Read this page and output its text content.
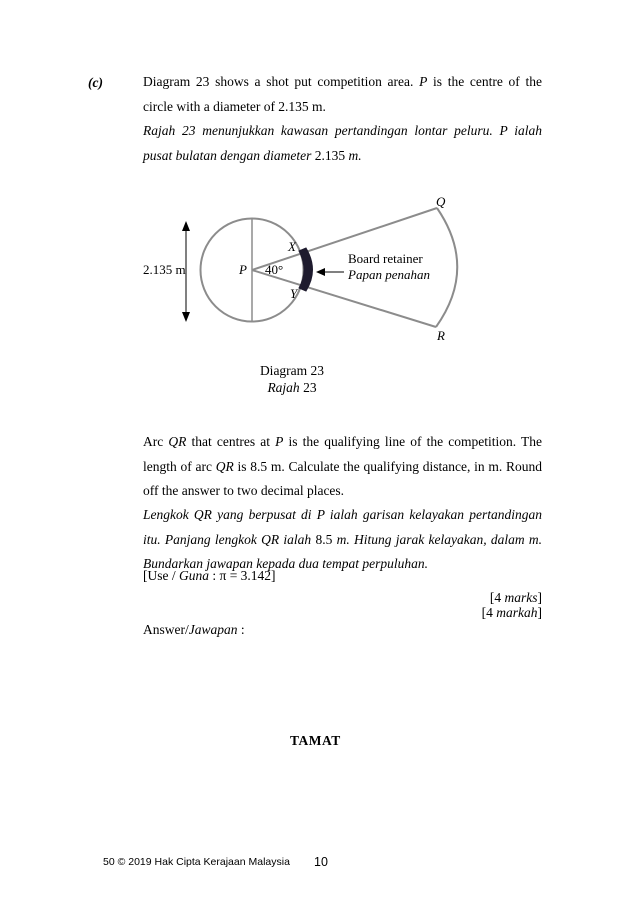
(c)	Diagram 23 shows a shot put competition area. P is the centre of the circle with a diameter of 2.135 m.
Rajah 23 menunjukkan kawasan pertandingan lontar peluru. P ialah pusat bulatan dengan diameter 2.135 m.
Q
R
X
Y
P 40°
2.135 m
Board retainer
Papan penahan
Diagram 23
Rajah 23
Arc QR that centres at P is the qualifying line of the competition. The length of arc QR is 8.5 m. Calculate the qualifying distance, in m. Round off the answer to two decimal places.
Lengkok QR yang berpusat di P ialah garisan kelayakan pertandingan itu. Panjang lengkok QR ialah 8.5 m. Hitung jarak kelayakan, dalam m. Bundarkan jawapan kepada dua tempat perpuluhan.
[Use / Guna : π = 3.142]
[4 marks]
[4 markah]
Answer/Jawapan :
TAMAT
50 © 2019 Hak Cipta Kerajaan Malaysia 10
